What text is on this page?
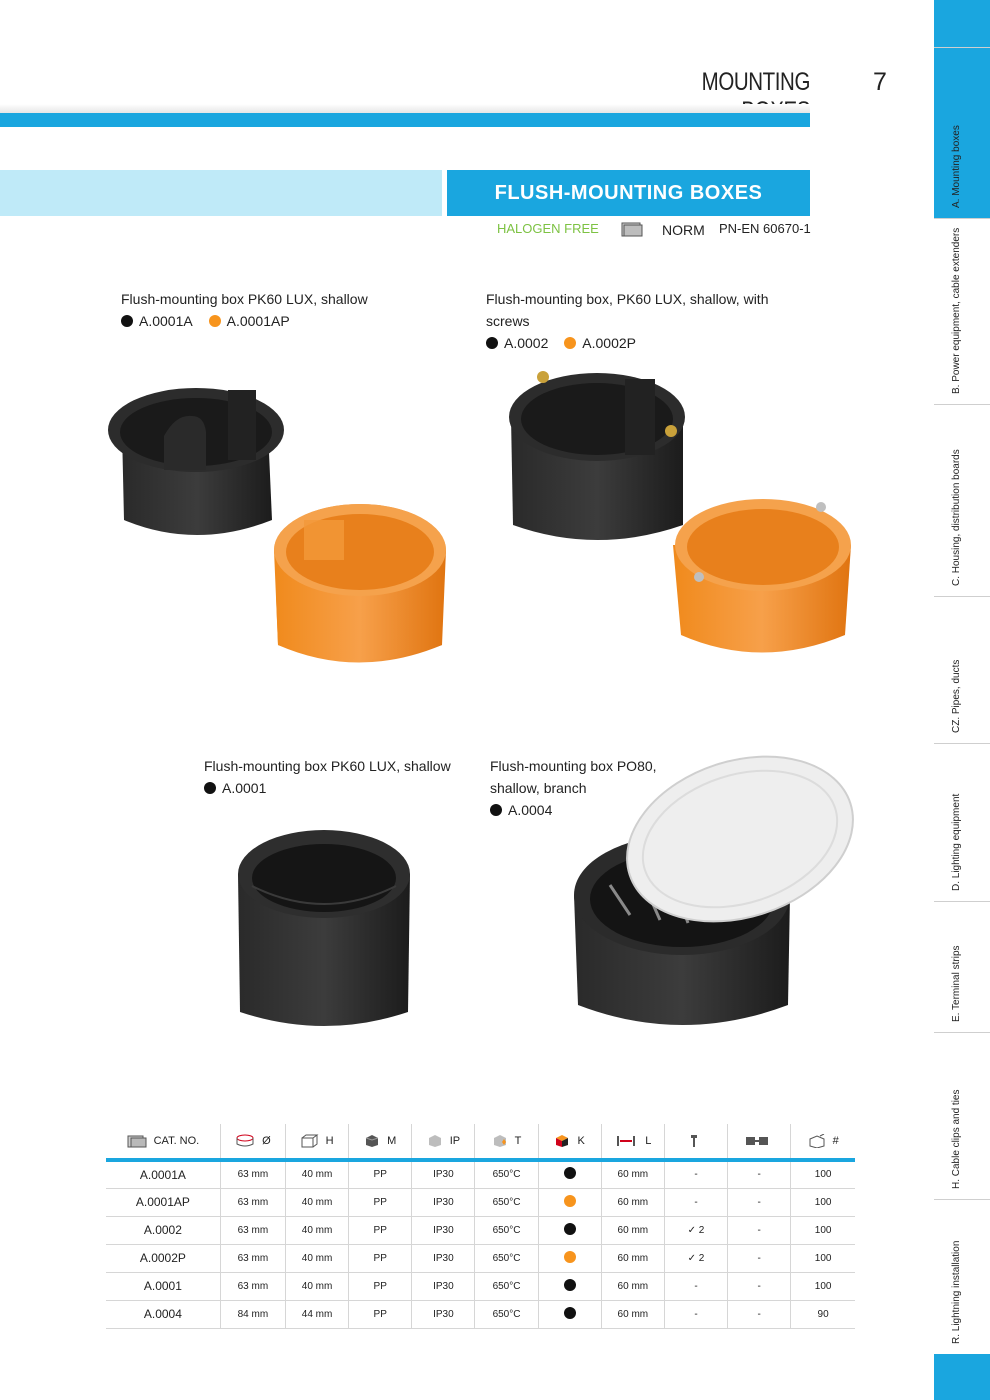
MOUNTING	7
FLUSH-MOUNTING BOXES
HALOGEN FREE	NORM PN-EN 60670-1
Flush-mounting box PK60 LUX, shallow
A.0001A A.0001AP
Flush-mounting box, PK60 LUX, shallow, with
screws
A.0002 A.0002P
Flush-mounting box PK60 LUX, shallow
A.0001
Flush-mounting box PO80,
shallow, branch
A.0004
CAT. NO.	Ø	H	M	IP	T	K	L			#
A.0001A	63 mm	40 mm	PP	IP30	650°C		60 mm	-	-	100
A.0001AP	63 mm	40 mm	PP	IP30	650°C		60 mm	-	-	100
A.0002	63 mm	40 mm	PP	IP30	650°C		60 mm	✓ 2	-	100
A.0002P	63 mm	40 mm	PP	IP30	650°C		60 mm	✓ 2	-	100
A.0001	63 mm	40 mm	PP	IP30	650°C		60 mm	-	-	100
A.0004	84 mm	44 mm	PP	IP30	650°C		60 mm	-	-	90
A. Mounting boxes
B. Power equipment, cable extenders
C. Housing, distribution boards
CZ. Pipes, ducts
D. Lighting equipment
E. Terminal strips
H. Cable clips and ties
R. Lightning installation
